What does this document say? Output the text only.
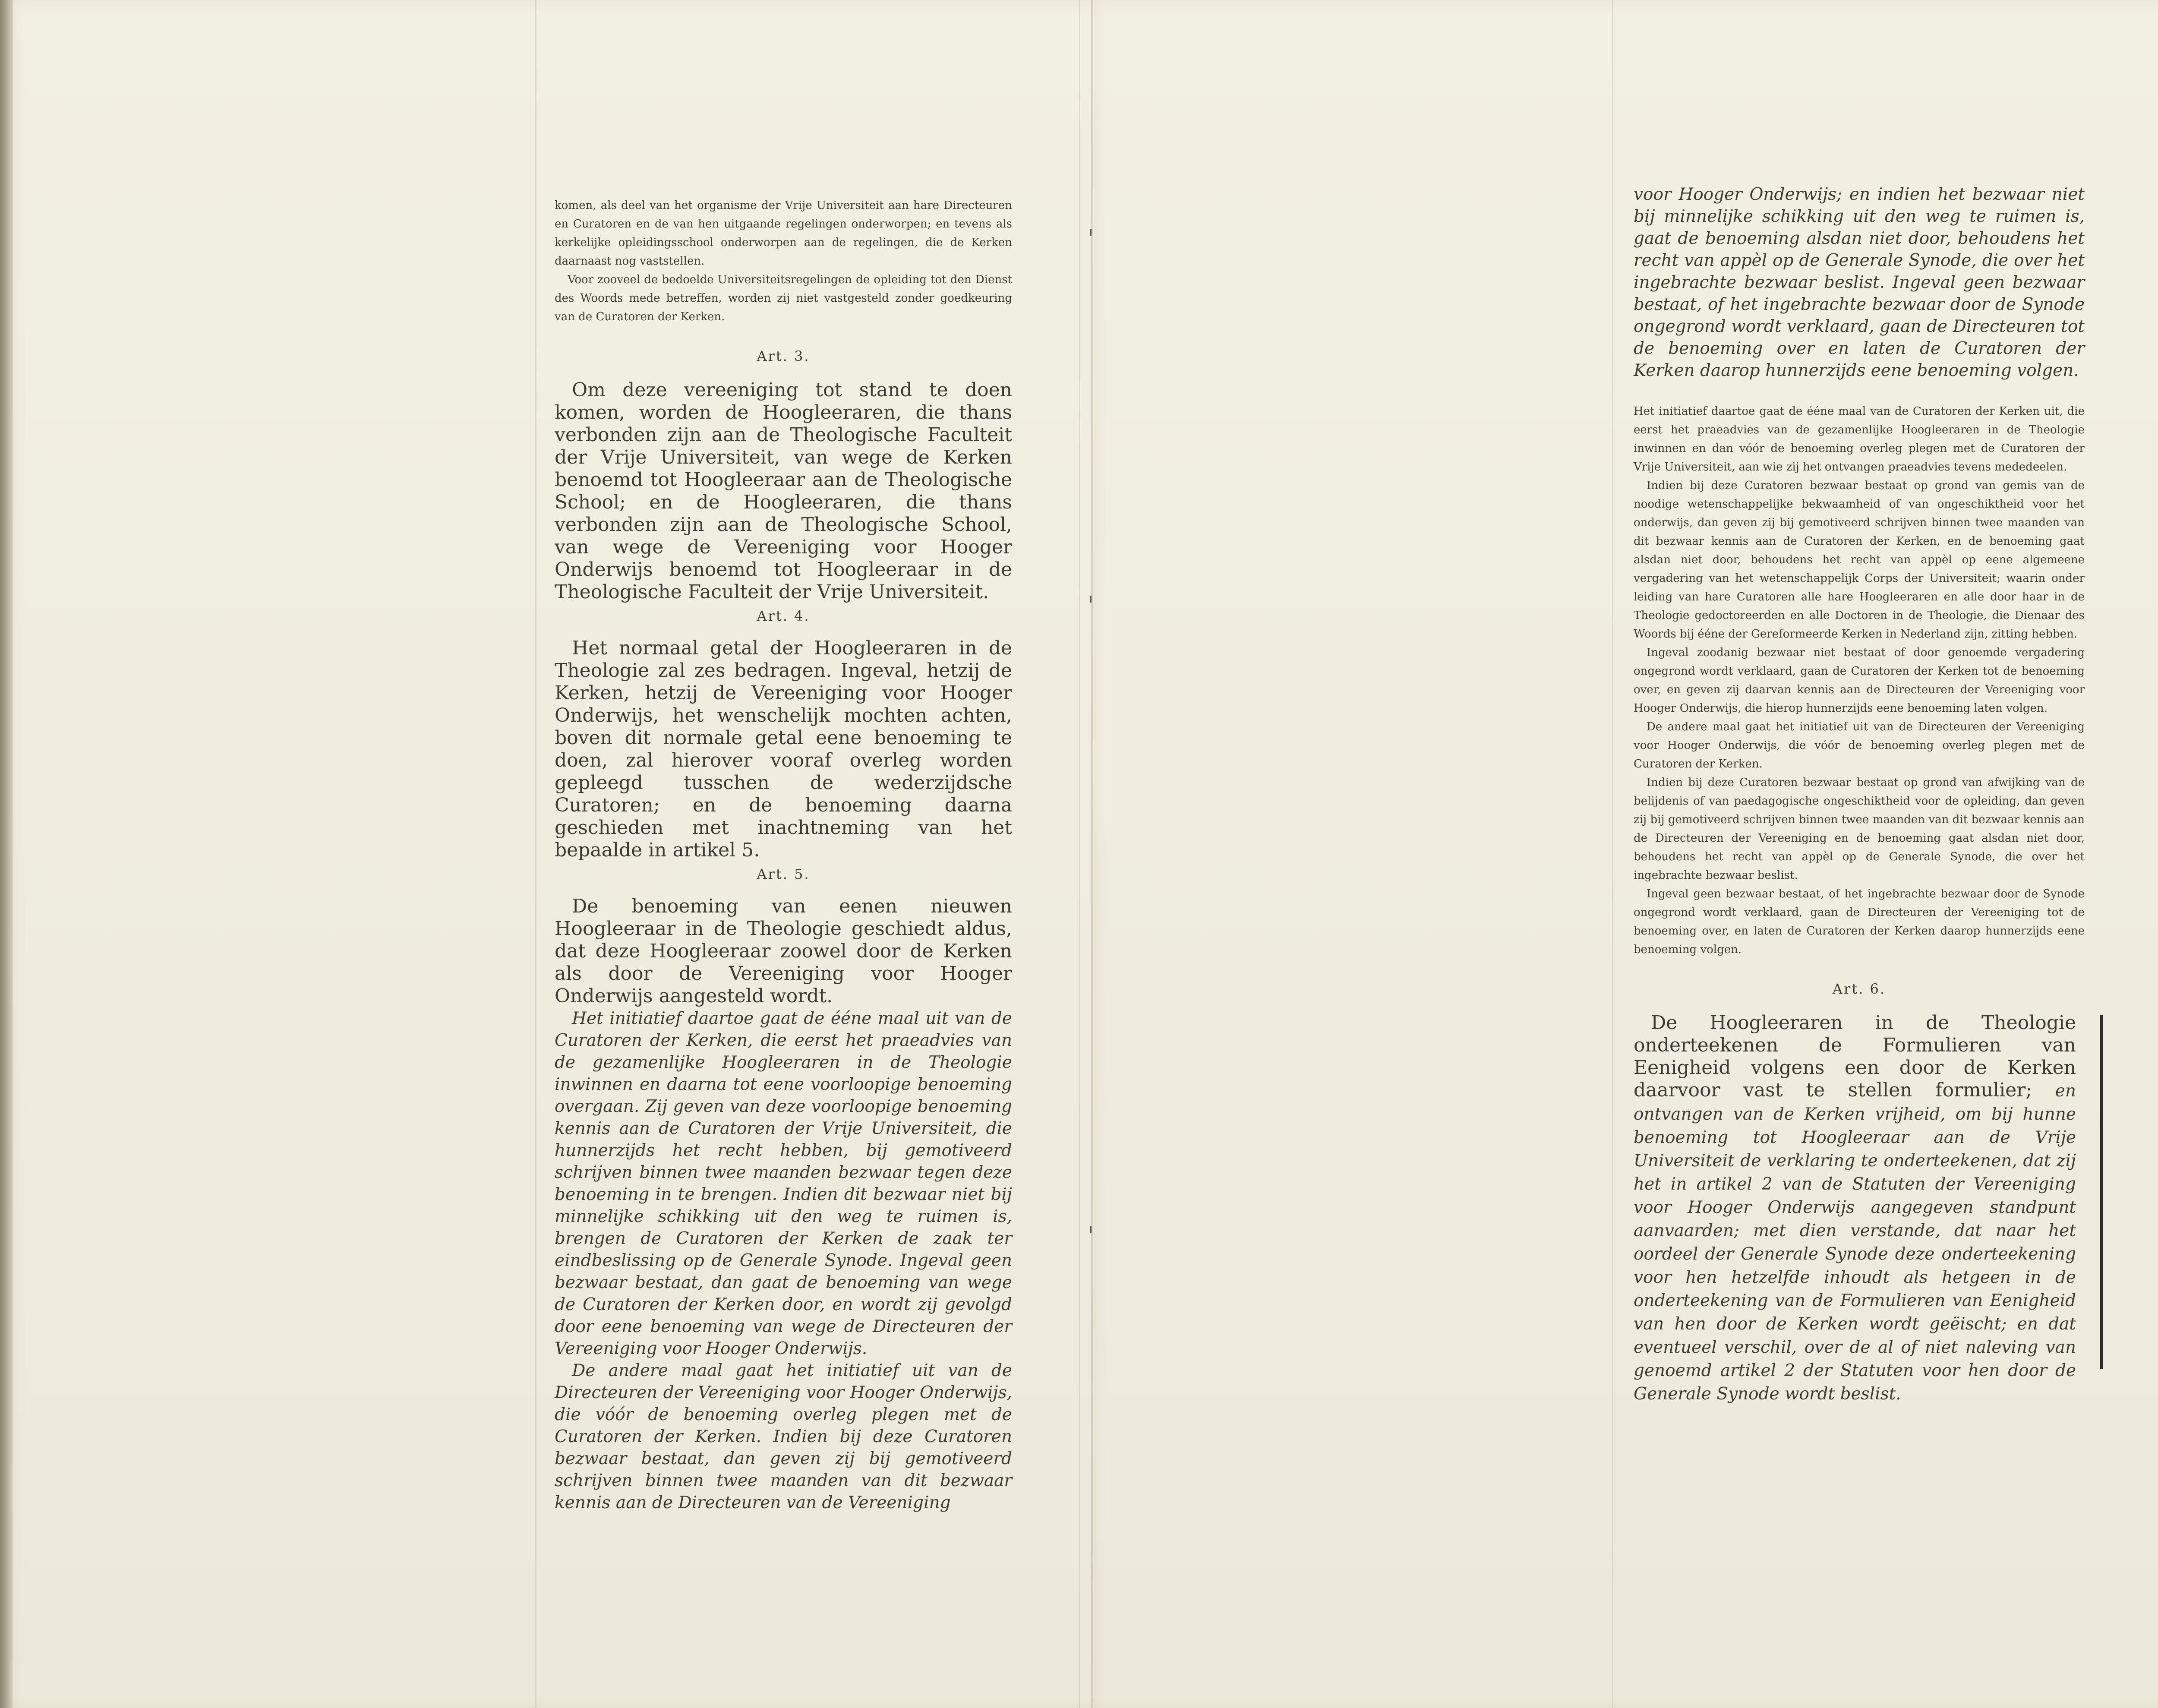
komen, als deel van het organisme der Vrije Universiteit aan hare Directeuren en Curatoren en de van hen uitgaande regelingen onderworpen; en tevens als kerkelijke opleidingsschool onderworpen aan de regelingen, die de Kerken daarnaast nog vaststellen.

Voor zooveel de bedoelde Universiteitsregelingen de opleiding tot den Dienst des Woords mede betreffen, worden zij niet vastgesteld zonder goedkeuring van de Curatoren der Kerken.

Art. 3.

Om deze vereeniging tot stand te doen komen, worden de Hoogleeraren, die thans verbonden zijn aan de Theologische Faculteit der Vrije Universiteit, van wege de Kerken benoemd tot Hoogleeraar aan de Theologische School; en de Hoogleeraren, die thans verbonden zijn aan de Theologische School, van wege de Vereeniging voor Hooger Onderwijs benoemd tot Hoogleeraar in de Theologische Faculteit der Vrije Universiteit.

Art. 4.

Het normaal getal der Hoogleeraren in de Theologie zal zes bedragen. Ingeval, hetzij de Kerken, hetzij de Vereeniging voor Hooger Onderwijs, het wenschelijk mochten achten, boven dit normale getal eene benoeming te doen, zal hierover vooraf overleg worden gepleegd tusschen de wederzijdsche Curatoren; en de benoeming daarna geschieden met inachtneming van het bepaalde in artikel 5.

Art. 5.

De benoeming van eenen nieuwen Hoogleeraar in de Theologie geschiedt aldus, dat deze Hoogleeraar zoowel door de Kerken als door de Vereeniging voor Hooger Onderwijs aangesteld wordt.

Het initiatief daartoe gaat de ééne maal uit van de Curatoren der Kerken, die eerst het praeadvies van de gezamenlijke Hoogleeraren in de Theologie inwinnen en daarna tot eene voorloopige benoeming overgaan. Zij geven van deze voorloopige benoeming kennis aan de Curatoren der Vrije Universiteit, die hunnerzijds het recht hebben, bij gemotiveerd schrijven binnen twee maanden bezwaar tegen deze benoeming in te brengen. Indien dit bezwaar niet bij minnelijke schikking uit den weg te ruimen is, brengen de Curatoren der Kerken de zaak ter eindbeslissing op de Generale Synode. Ingeval geen bezwaar bestaat, dan gaat de benoeming van wege de Curatoren der Kerken door, en wordt zij gevolgd door eene benoeming van wege de Directeuren der Vereeniging voor Hooger Onderwijs.

De andere maal gaat het initiatief uit van de Directeuren der Vereeniging voor Hooger Onderwijs, die vóór de benoeming overleg plegen met de Curatoren der Kerken. Indien bij deze Curatoren bezwaar bestaat, dan geven zij bij gemotiveerd schrijven binnen twee maanden van dit bezwaar kennis aan de Directeuren van de Vereeniging

voor Hooger Onderwijs; en indien het bezwaar niet bij minnelijke schikking uit den weg te ruimen is, gaat de benoeming alsdan niet door, behoudens het recht van appèl op de Generale Synode, die over het ingebrachte bezwaar beslist. Ingeval geen bezwaar bestaat, of het ingebrachte bezwaar door de Synode ongegrond wordt verklaard, gaan de Directeuren tot de benoeming over en laten de Curatoren der Kerken daarop hunnerzijds eene benoeming volgen.

Het initiatief daartoe gaat de ééne maal van de Curatoren der Kerken uit, die eerst het praeadvies van de gezamenlijke Hoogleeraren in de Theologie inwinnen en dan vóór de benoeming overleg plegen met de Curatoren der Vrije Universiteit, aan wie zij het ontvangen praeadvies tevens mededeelen.

Indien bij deze Curatoren bezwaar bestaat op grond van gemis van de noodige wetenschappelijke bekwaamheid of van ongeschiktheid voor het onderwijs, dan geven zij bij gemotiveerd schrijven binnen twee maanden van dit bezwaar kennis aan de Curatoren der Kerken, en de benoeming gaat alsdan niet door, behoudens het recht van appèl op eene algemeene vergadering van het wetenschappelijk Corps der Universiteit; waarin onder leiding van hare Curatoren alle hare Hoogleeraren en alle door haar in de Theologie gedoctoreerden en alle Doctoren in de Theologie, die Dienaar des Woords bij ééne der Gereformeerde Kerken in Nederland zijn, zitting hebben.

Ingeval zoodanig bezwaar niet bestaat of door genoemde vergadering ongegrond wordt verklaard, gaan de Curatoren der Kerken tot de benoeming over, en geven zij daarvan kennis aan de Directeuren der Vereeniging voor Hooger Onderwijs, die hierop hunnerzijds eene benoeming laten volgen.

De andere maal gaat het initiatief uit van de Directeuren der Vereeniging voor Hooger Onderwijs, die vóór de benoeming overleg plegen met de Curatoren der Kerken.

Indien bij deze Curatoren bezwaar bestaat op grond van afwijking van de belijdenis of van paedagogische ongeschiktheid voor de opleiding, dan geven zij bij gemotiveerd schrijven binnen twee maanden van dit bezwaar kennis aan de Directeuren der Vereeniging en de benoeming gaat alsdan niet door, behoudens het recht van appèl op de Generale Synode, die over het ingebrachte bezwaar beslist.

Ingeval geen bezwaar bestaat, of het ingebrachte bezwaar door de Synode ongegrond wordt verklaard, gaan de Directeuren der Vereeniging tot de benoeming over, en laten de Curatoren der Kerken daarop hunnerzijds eene benoeming volgen.

Art. 6.

De Hoogleeraren in de Theologie onderteekenen de Formulieren van Eenigheid volgens een door de Kerken daarvoor vast te stellen formulier; en ontvangen van de Kerken vrijheid, om bij hunne benoeming tot Hoogleeraar aan de Vrije Universiteit de verklaring te onderteekenen, dat zij het in artikel 2 van de Statuten der Vereeniging voor Hooger Onderwijs aangegeven standpunt aanvaarden; met dien verstande, dat naar het oordeel der Generale Synode deze onderteekening voor hen hetzelfde inhoudt als hetgeen in de onderteekening van de Formulieren van Eenigheid van hen door de Kerken wordt geëischt; en dat eventueel verschil, over de al of niet naleving van genoemd artikel 2 der Statuten voor hen door de Generale Synode wordt beslist.
